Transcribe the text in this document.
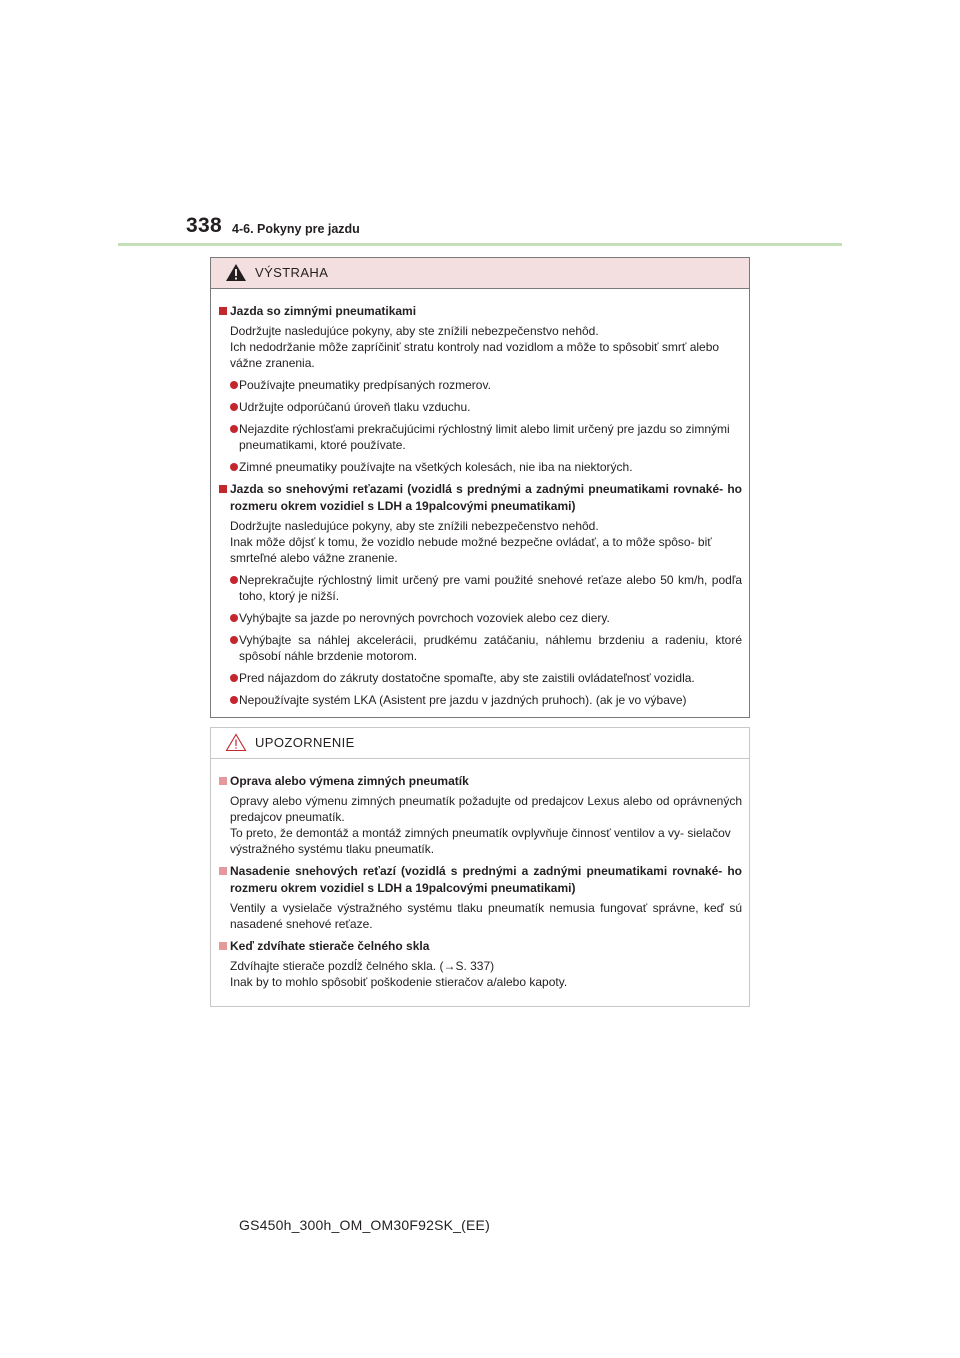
338 4-6. Pokyny pre jazdu
VÝSTRAHA
Jazda so zimnými pneumatikami
Dodržujte nasledujúce pokyny, aby ste znížili nebezpečenstvo nehôd.
Ich nedodržanie môže zapríčiniť stratu kontroly nad vozidlom a môže to spôsobiť smrť alebo vážne zranenia.
Používajte pneumatiky predpísaných rozmerov.
Udržujte odporúčanú úroveň tlaku vzduchu.
Nejazdite rýchlosťami prekračujúcimi rýchlostný limit alebo limit určený pre jazdu so zimnými pneumatikami, ktoré používate.
Zimné pneumatiky používajte na všetkých kolesách, nie iba na niektorých.
Jazda so snehovými reťazami (vozidlá s prednými a zadnými pneumatikami rovnaké- ho rozmeru okrem vozidiel s LDH a 19palcovými pneumatikami)
Dodržujte nasledujúce pokyny, aby ste znížili nebezpečenstvo nehôd.
Inak môže dôjsť k tomu, že vozidlo nebude možné bezpečne ovládať, a to môže spôso- biť smrteľné alebo vážne zranenie.
Neprekračujte rýchlostný limit určený pre vami použité snehové reťaze alebo 50 km/h, podľa toho, ktorý je nižší.
Vyhýbajte sa jazde po nerovných povrchoch vozoviek alebo cez diery.
Vyhýbajte sa náhlej akcelerácii, prudkému zatáčaniu, náhlemu brzdeniu a radeniu, ktoré spôsobí náhle brzdenie motorom.
Pred nájazdom do zákruty dostatočne spomaľte, aby ste zaistili ovládateľnosť vozidla.
Nepoužívajte systém LKA (Asistent pre jazdu v jazdných pruhoch). (ak je vo výbave)
UPOZORNENIE
Oprava alebo výmena zimných pneumatík
Opravy alebo výmenu zimných pneumatík požadujte od predajcov Lexus alebo od oprávnených predajcov pneumatík.
To preto, že demontáž a montáž zimných pneumatík ovplyvňuje činnosť ventilov a vy- sielačov výstražného systému tlaku pneumatík.
Nasadenie snehových reťazí (vozidlá s prednými a zadnými pneumatikami rovnaké- ho rozmeru okrem vozidiel s LDH a 19palcovými pneumatikami)
Ventily a vysielače výstražného systému tlaku pneumatík nemusia fungovať správne, keď sú nasadené snehové reťaze.
Keď zdvíhate stierače čelného skla
Zdvíhajte stierače pozdĺž čelného skla. (→S. 337)
Inak by to mohlo spôsobiť poškodenie stieračov a/alebo kapoty.
GS450h_300h_OM_OM30F92SK_(EE)
